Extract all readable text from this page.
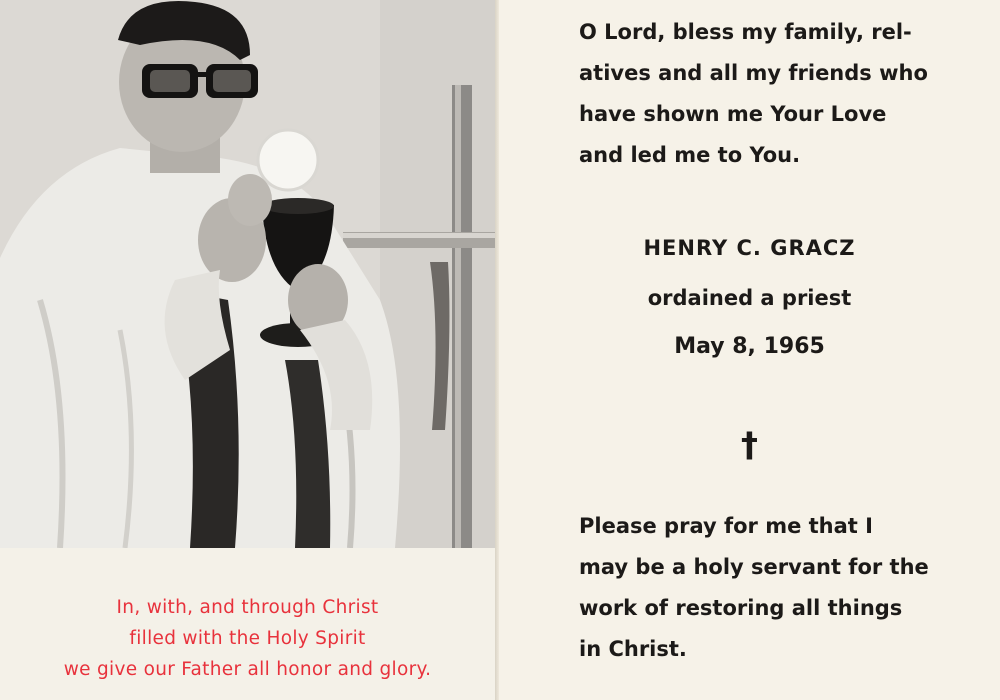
In, with, and through Christ
filled with the Holy Spirit
we give our Father all honor and glory.
O Lord, bless my family, rel-
atives and all my friends who
have shown me Your Love
and led me to You.
HENRY C. GRACZ
ordained a priest
May 8, 1965
†
Please pray for me that I
may be a holy servant for the
work of restoring all things
in Christ.
